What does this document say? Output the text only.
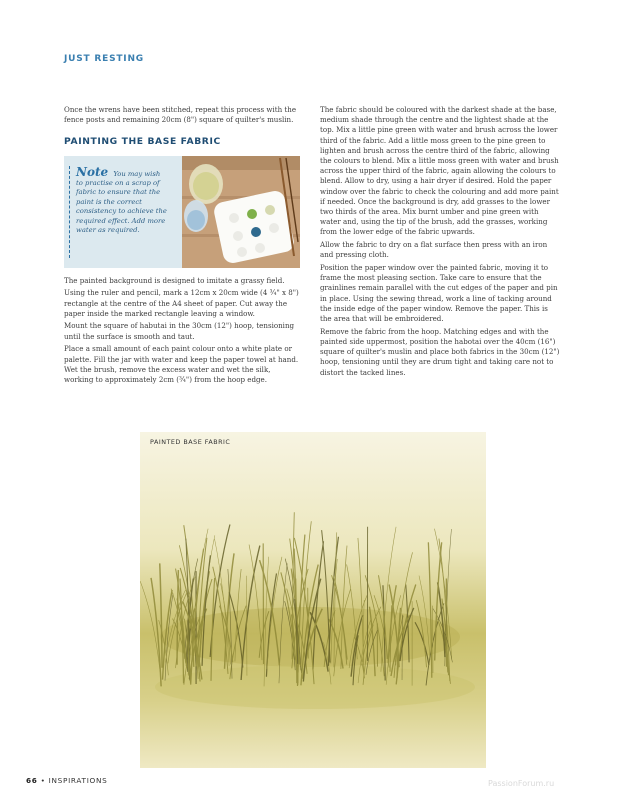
JUST RESTING

Once the wrens have been stitched, repeat this process with the fence posts and remaining 20cm (8") square of quilter's muslin.

PAINTING THE BASE FABRIC

Note You may wish to practise on a scrap of fabric to ensure that the paint is the correct consistency to achieve the required effect. Add more water as required.

The painted background is designed to imitate a grassy field.

Using the ruler and pencil, mark a 12cm x 20cm wide (4 ¾" x 8") rectangle at the centre of the A4 sheet of paper. Cut away the paper inside the marked rectangle leaving a window.

Mount the square of habutai in the 30cm (12") hoop, tensioning until the surface is smooth and taut.

Place a small amount of each paint colour onto a white plate or palette. Fill the jar with water and keep the paper towel at hand. Wet the brush, remove the excess water and wet the silk, working to approximately 2cm (¾") from the hoop edge.

The fabric should be coloured with the darkest shade at the base, medium shade through the centre and the lightest shade at the top. Mix a little pine green with water and brush across the lower third of the fabric. Add a little moss green to the pine green to lighten and brush across the centre third of the fabric, allowing the colours to blend. Mix a little moss green with water and brush across the upper third of the fabric, again allowing the colours to blend. Allow to dry, using a hair dryer if desired. Hold the paper window over the fabric to check the colouring and add more paint if needed. Once the background is dry, add grasses to the lower two thirds of the area. Mix burnt umber and pine green with water and, using the tip of the brush, add the grasses, working from the lower edge of the fabric upwards.

Allow the fabric to dry on a flat surface then press with an iron and pressing cloth.

Position the paper window over the painted fabric, moving it to frame the most pleasing section. Take care to ensure that the grainlines remain parallel with the cut edges of the paper and pin in place. Using the sewing thread, work a line of tacking around the inside edge of the paper window. Remove the paper. This is the area that will be embroidered.

Remove the fabric from the hoop. Matching edges and with the painted side uppermost, position the habotai over the 40cm (16") square of quilter's muslin and place both fabrics in the 30cm (12") hoop, tensioning until they are drum tight and taking care not to distort the tacked lines.

PAINTED BASE FABRIC
66 • INSPIRATIONS	PassionForum.ru
